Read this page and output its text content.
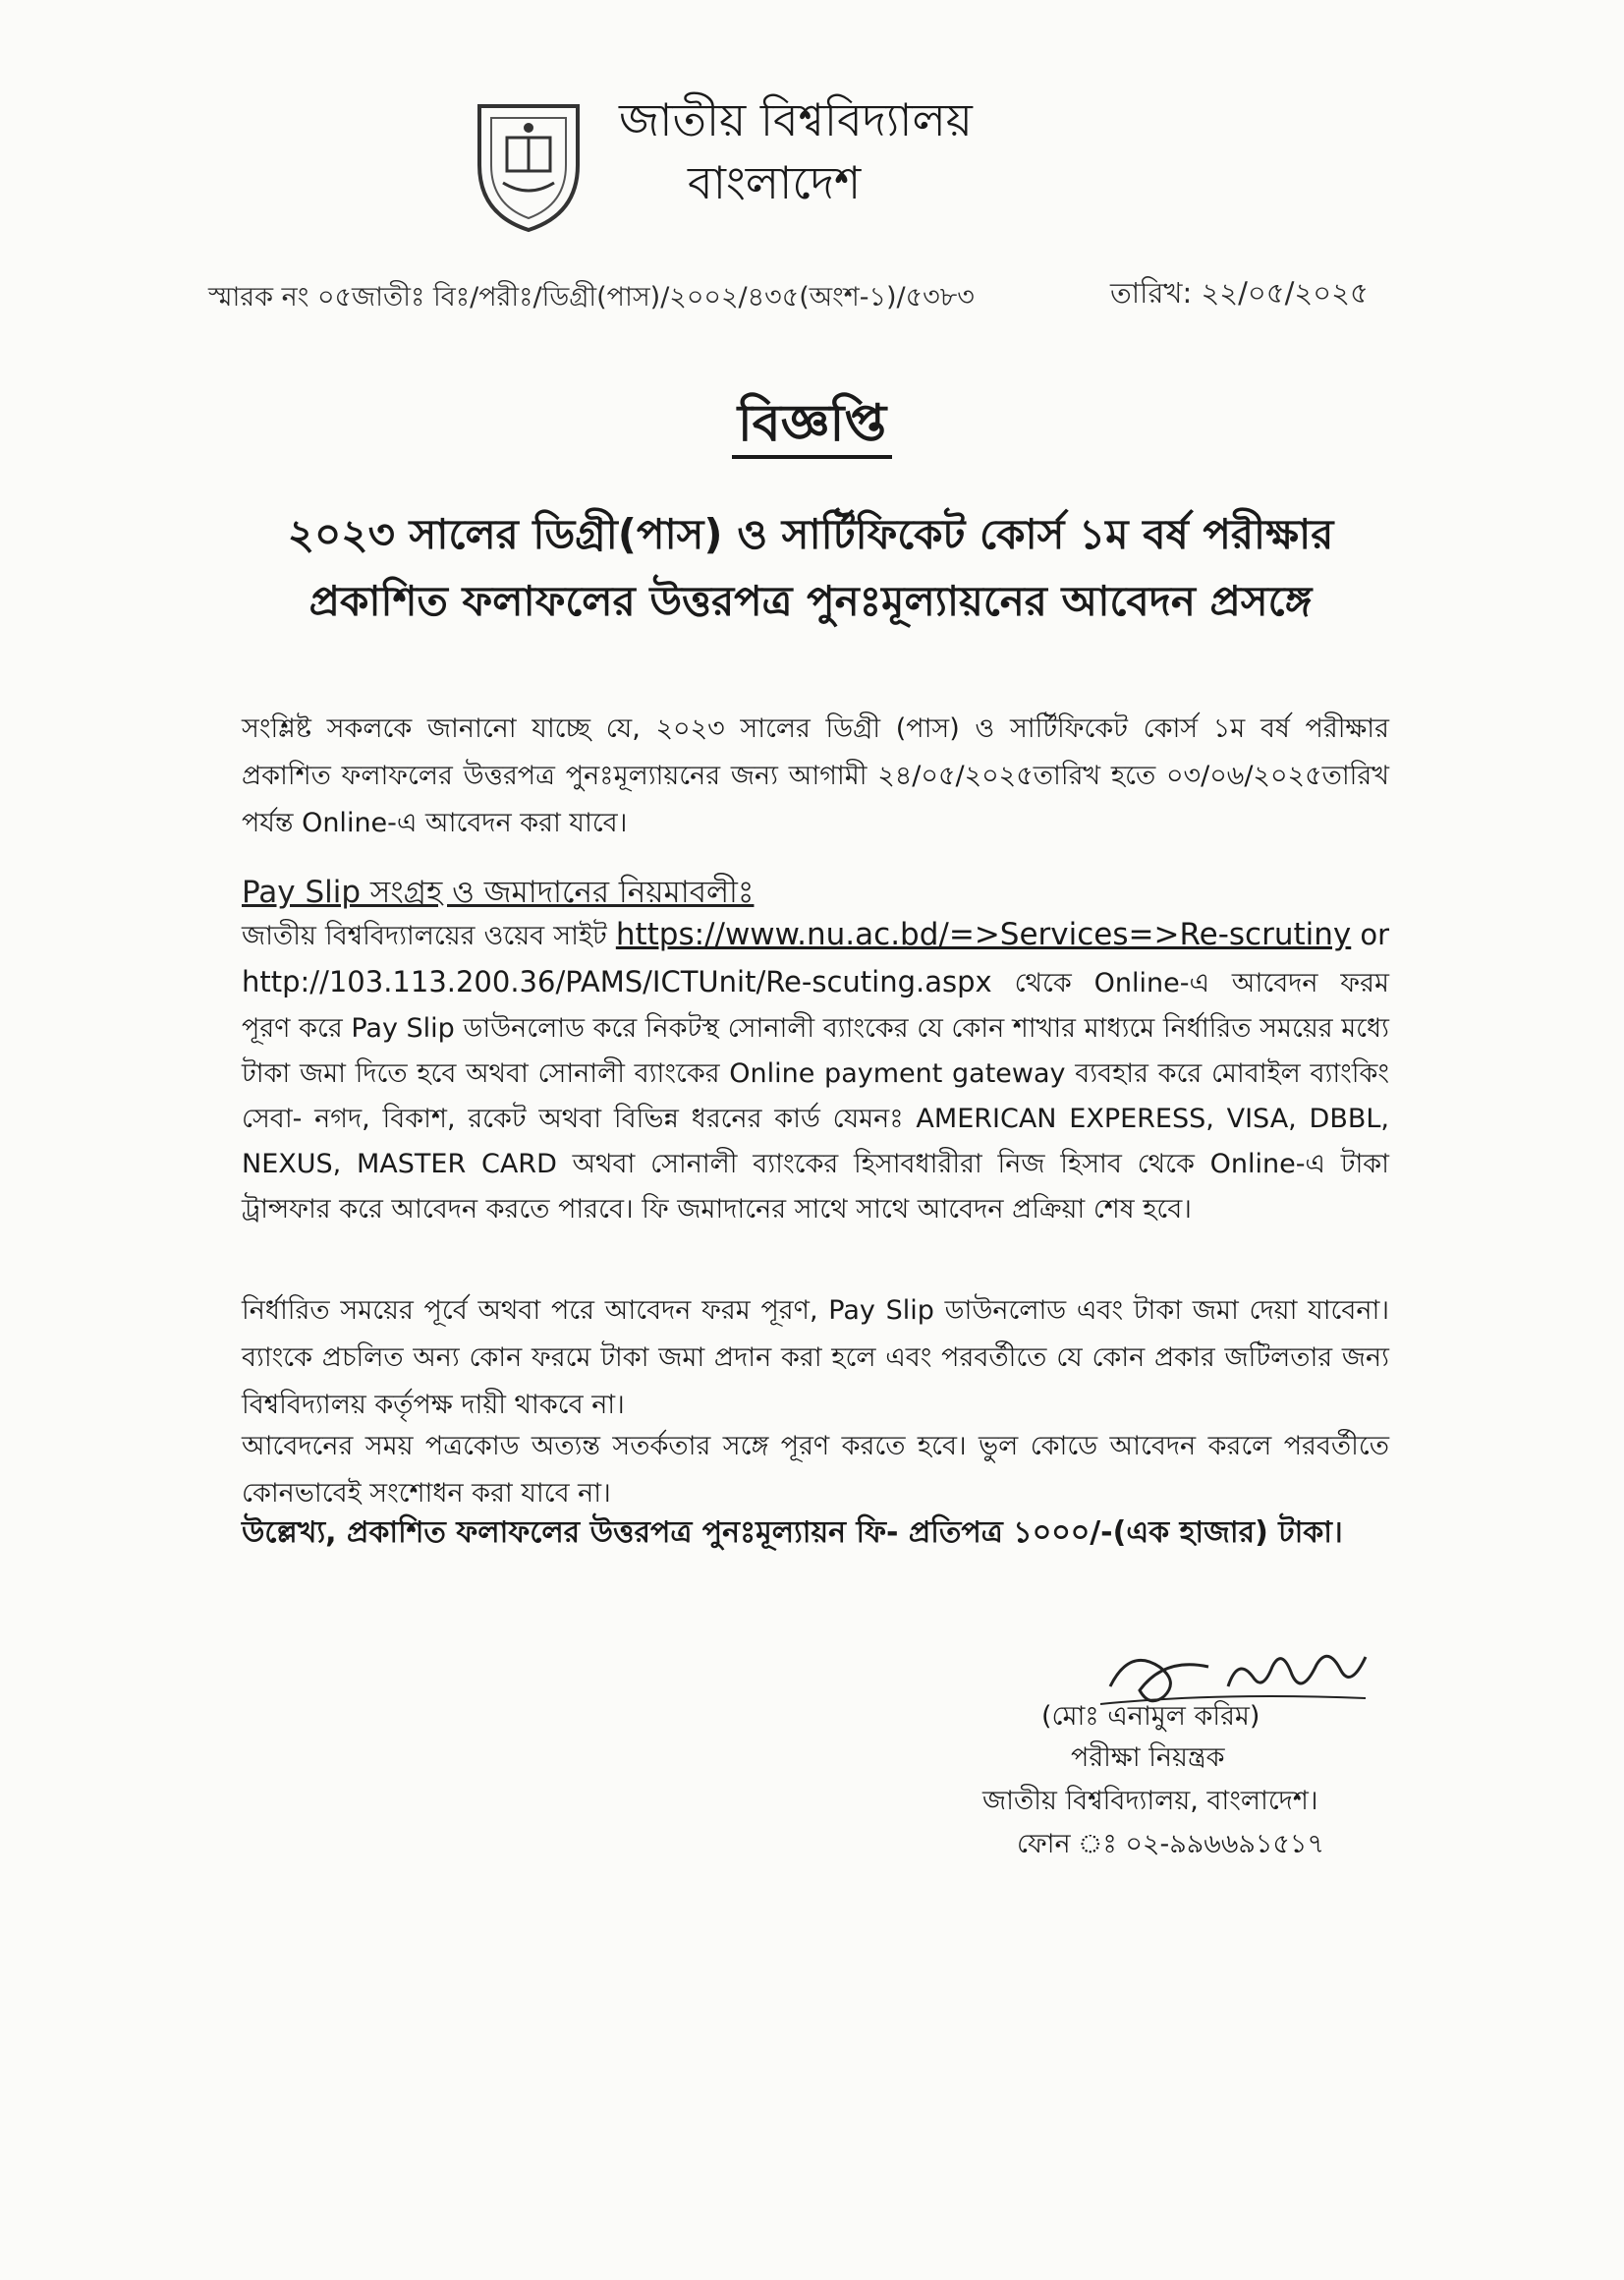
জাতীয় বিশ্ববিদ্যালয়
বাংলাদেশ
স্মারক নং ০৫জাতীঃ বিঃ/পরীঃ/ডিগ্রী(পাস)/২০০২/৪৩৫(অংশ-১)/৫৩৮৩	তারিখ: ২২/০৫/২০২৫
বিজ্ঞপ্তি
২০২৩ সালের ডিগ্রী(পাস) ও সার্টিফিকেট কোর্স ১ম বর্ষ পরীক্ষার
প্রকাশিত ফলাফলের উত্তরপত্র পুনঃমূল্যায়নের আবেদন প্রসঙ্গে
সংশ্লিষ্ট সকলকে জানানো যাচ্ছে যে, ২০২৩ সালের ডিগ্রী (পাস) ও সার্টিফিকেট কোর্স ১ম বর্ষ পরীক্ষার প্রকাশিত ফলাফলের উত্তরপত্র পুনঃমূল্যায়নের জন্য আগামী ২৪/০৫/২০২৫তারিখ হতে ০৩/০৬/২০২৫তারিখ পর্যন্ত Online-এ আবেদন করা যাবে।
Pay Slip সংগ্রহ ও জমাদানের নিয়মাবলীঃ
জাতীয় বিশ্ববিদ্যালয়ের ওয়েব সাইট https://www.nu.ac.bd/=>Services=>Re-scrutiny or http://103.113.200.36/PAMS/ICTUnit/Re-scuting.aspx থেকে Online-এ আবেদন ফরম পূরণ করে Pay Slip ডাউনলোড করে নিকটস্থ সোনালী ব্যাংকের যে কোন শাখার মাধ্যমে নির্ধারিত সময়ের মধ্যে টাকা জমা দিতে হবে অথবা সোনালী ব্যাংকের Online payment gateway ব্যবহার করে মোবাইল ব্যাংকিং সেবা- নগদ, বিকাশ, রকেট অথবা বিভিন্ন ধরনের কার্ড যেমনঃ AMERICAN EXPERESS, VISA, DBBL, NEXUS, MASTER CARD অথবা সোনালী ব্যাংকের হিসাবধারীরা নিজ হিসাব থেকে Online-এ টাকা ট্রান্সফার করে আবেদন করতে পারবে। ফি জমাদানের সাথে সাথে আবেদন প্রক্রিয়া শেষ হবে।
নির্ধারিত সময়ের পূর্বে অথবা পরে আবেদন ফরম পূরণ, Pay Slip ডাউনলোড এবং টাকা জমা দেয়া যাবেনা। ব্যাংকে প্রচলিত অন্য কোন ফরমে টাকা জমা প্রদান করা হলে এবং পরবর্তীতে যে কোন প্রকার জটিলতার জন্য বিশ্ববিদ্যালয় কর্তৃপক্ষ দায়ী থাকবে না।
আবেদনের সময় পত্রকোড অত্যন্ত সতর্কতার সঙ্গে পূরণ করতে হবে। ভুল কোডে আবেদন করলে পরবর্তীতে কোনভাবেই সংশোধন করা যাবে না।
উল্লেখ্য, প্রকাশিত ফলাফলের উত্তরপত্র পুনঃমূল্যায়ন ফি- প্রতিপত্র ১০০০/-(এক হাজার) টাকা।
(মোঃ এনামুল করিম)
পরীক্ষা নিয়ন্ত্রক
জাতীয় বিশ্ববিদ্যালয়, বাংলাদেশ।
ফোন ঃ ০২-৯৯৬৬৯১৫১৭
